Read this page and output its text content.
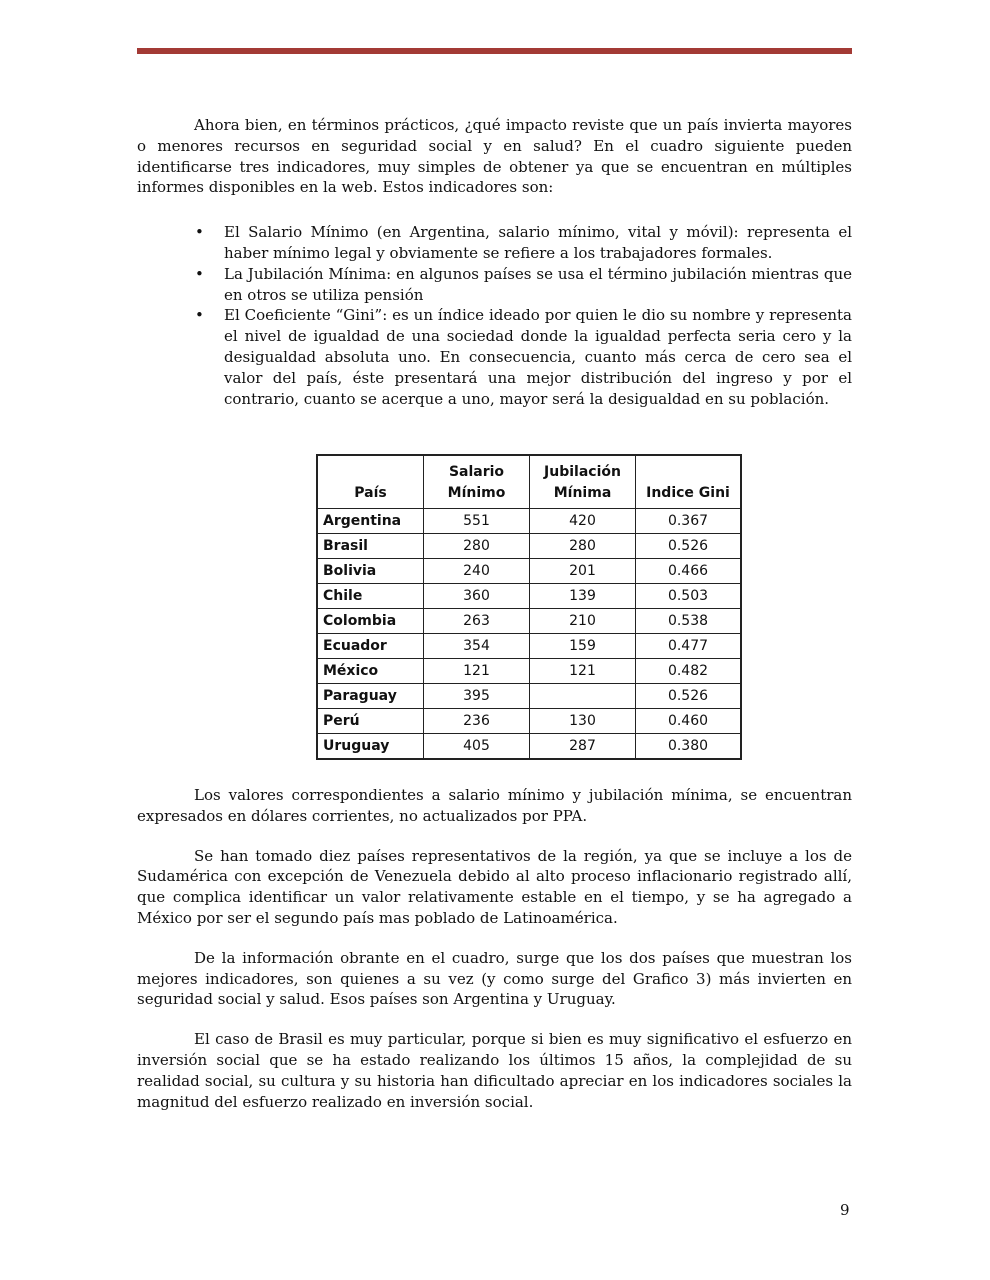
Ahora bien, en términos prácticos, ¿qué impacto reviste que un país invierta mayores o menores recursos en seguridad social y en salud? En el cuadro siguiente pueden identificarse tres indicadores, muy simples de obtener ya que se encuentran en múltiples informes disponibles en la web. Estos indicadores son:

• El Salario Mínimo (en Argentina, salario mínimo, vital y móvil): representa el haber mínimo legal y obviamente se refiere a los trabajadores formales.
• La Jubilación Mínima: en algunos países se usa el término jubilación mientras que en otros se utiliza pensión
• El Coeficiente “Gini”: es un índice ideado por quien le dio su nombre y representa el nivel de igualdad de una sociedad donde la igualdad perfecta seria cero y la desigualdad absoluta uno. En consecuencia, cuanto más cerca de cero sea el valor del país, éste presentará una mejor distribución del ingreso y por el contrario, cuanto se acerque a uno, mayor será la desigualdad en su población.
País	Salario Mínimo	Jubilación Mínima	Indice Gini
Argentina	551	420	0.367
Brasil	280	280	0.526
Bolivia	240	201	0.466
Chile	360	139	0.503
Colombia	263	210	0.538
Ecuador	354	159	0.477
México	121	121	0.482
Paraguay	395		0.526
Perú	236	130	0.460
Uruguay	405	287	0.380

Los valores correspondientes a salario mínimo y jubilación mínima, se encuentran expresados en dólares corrientes, no actualizados por PPA.

Se han tomado diez países representativos de la región, ya que se incluye a los de Sudamérica con excepción de Venezuela debido al alto proceso inflacionario registrado allí, que complica identificar un valor relativamente estable en el tiempo, y se ha agregado a México por ser el segundo país mas poblado de Latinoamérica.

De la información obrante en el cuadro, surge que los dos países que muestran los mejores indicadores, son quienes a su vez (y como surge del Grafico 3) más invierten en seguridad social y salud. Esos países son Argentina y Uruguay.

El caso de Brasil es muy particular, porque si bien es muy significativo el esfuerzo en inversión social que se ha estado realizando los últimos 15 años, la complejidad de su realidad social, su cultura y su historia han dificultado apreciar en los indicadores sociales la magnitud del esfuerzo realizado en inversión social.

9
